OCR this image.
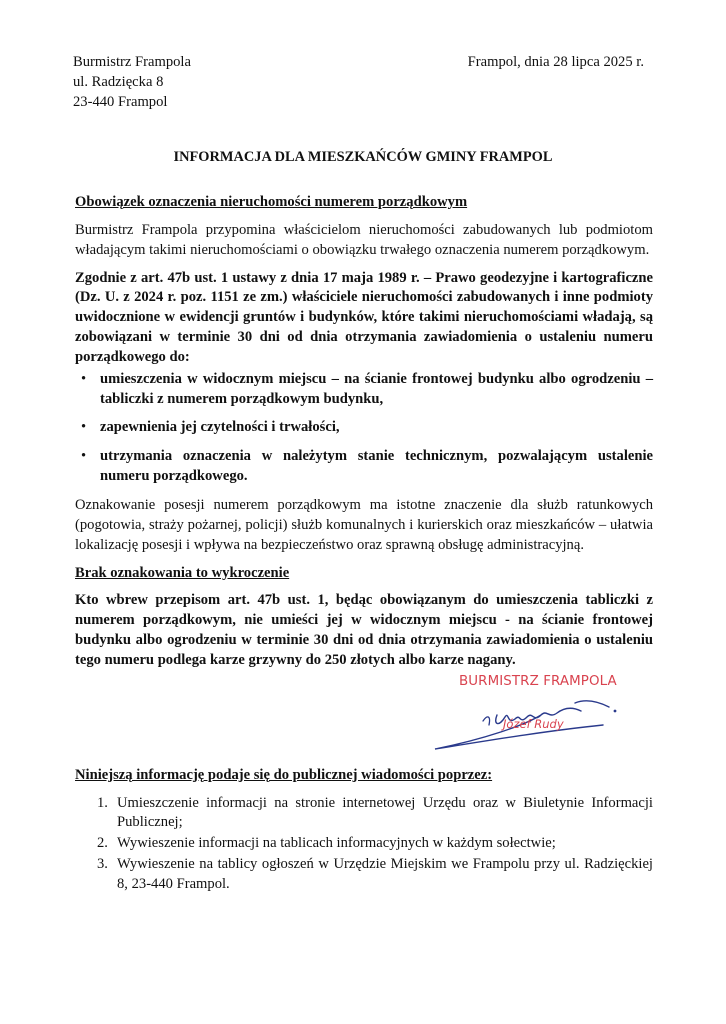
Burmistrz Frampola
ul. Radzięcka 8
23-440 Frampol
Frampol, dnia 28 lipca 2025 r.
INFORMACJA DLA MIESZKAŃCÓW GMINY FRAMPOL
Obowiązek oznaczenia nieruchomości numerem porządkowym

Burmistrz Frampola przypomina właścicielom nieruchomości zabudowanych lub podmiotom władającym takimi nieruchomościami o obowiązku trwałego oznaczenia numerem porządkowym.

Zgodnie z art. 47b ust. 1 ustawy z dnia 17 maja 1989 r. – Prawo geodezyjne i kartograficzne (Dz. U. z 2024 r. poz. 1151 ze zm.) właściciele nieruchomości zabudowanych i inne podmioty uwidocznione w ewidencji gruntów i budynków, które takimi nieruchomościami władają, są zobowiązani w terminie 30 dni od dnia otrzymania zawiadomienia o ustaleniu numeru porządkowego do:

• umieszczenia w widocznym miejscu – na ścianie frontowej budynku albo ogrodzeniu – tabliczki z numerem porządkowym budynku,
• zapewnienia jej czytelności i trwałości,
• utrzymania oznaczenia w należytym stanie technicznym, pozwalającym ustalenie numeru porządkowego.

Oznakowanie posesji numerem porządkowym ma istotne znaczenie dla służb ratunkowych (pogotowia, straży pożarnej, policji) służb komunalnych i kurierskich oraz mieszkańców – ułatwia lokalizację posesji i wpływa na bezpieczeństwo oraz sprawną obsługę administracyjną.

Brak oznakowania to wykroczenie

Kto wbrew przepisom art. 47b ust. 1, będąc obowiązanym do umieszczenia tabliczki z numerem porządkowym, nie umieści jej w widocznym miejscu - na ścianie frontowej budynku albo ogrodzeniu w terminie 30 dni od dnia otrzymania zawiadomienia o ustaleniu tego numeru podlega karze grzywny do 250 złotych albo karze nagany.

BURMISTRZ FRAMPOLA
Józef Rudy
Niniejszą informację podaje się do publicznej wiadomości poprzez:
1. Umieszczenie informacji na stronie internetowej Urzędu oraz w Biuletynie Informacji Publicznej;
2. Wywieszenie informacji na tablicach informacyjnych w każdym sołectwie;
3. Wywieszenie na tablicy ogłoszeń w Urzędzie Miejskim we Frampolu przy ul. Radzięckiej 8, 23-440 Frampol.
